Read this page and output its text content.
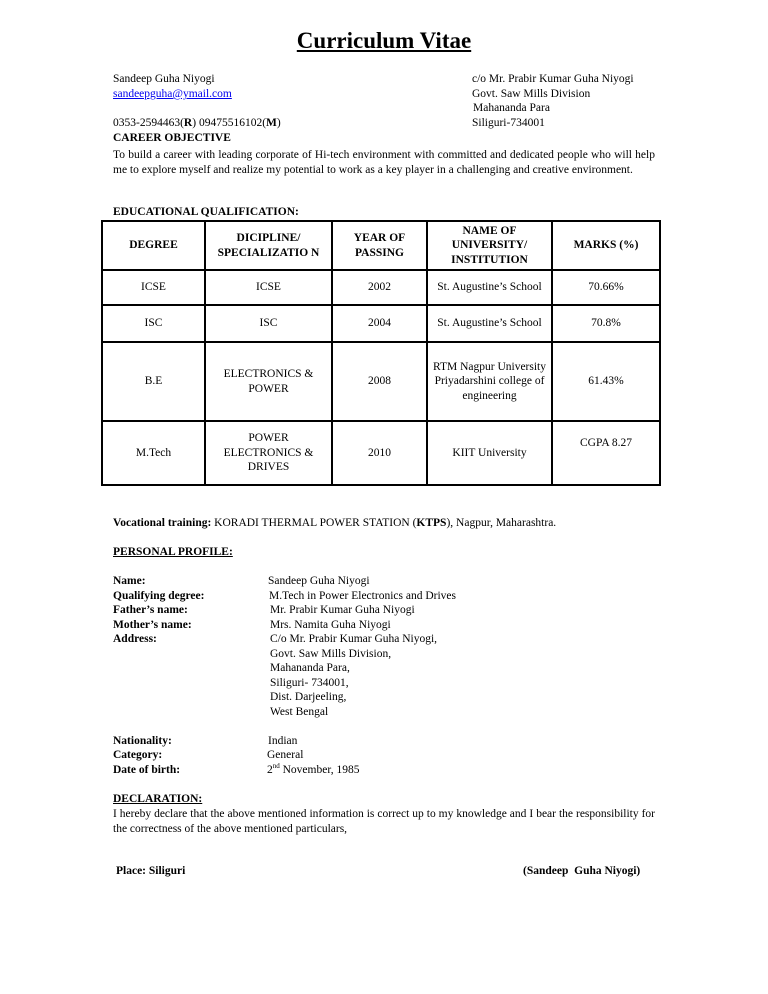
Curriculum Vitae
Sandeep Guha Niyogi
sandeepguha@ymail.com
0353-2594463(R) 09475516102(M)
c/o Mr. Prabir Kumar Guha Niyogi
Govt. Saw Mills Division
Mahananda Para
Siliguri-734001
CAREER OBJECTIVE
To build a career with leading corporate of Hi-tech environment with committed and dedicated people who will help me to explore myself and realize my potential to work as a key player in a challenging and creative environment.
EDUCATIONAL QUALIFICATION:
DEGREE	DICIPLINE/ SPECIALIZATIO N	YEAR OF PASSING	NAME OF UNIVERSITY/ INSTITUTION	MARKS (%)
ICSE	ICSE	2002	St. Augustine’s School	70.66%
ISC	ISC	2004	St. Augustine’s School	70.8%
B.E	ELECTRONICS & POWER	2008	RTM Nagpur University Priyadarshini college of engineering	61.43%
M.Tech	POWER ELECTRONICS & DRIVES	2010	KIIT University	CGPA 8.27
Vocational training: KORADI THERMAL POWER STATION (KTPS), Nagpur, Maharashtra.
PERSONAL PROFILE:
Name:	Sandeep Guha Niyogi
Qualifying degree:	M.Tech in Power Electronics and Drives
Father’s name:	Mr. Prabir Kumar Guha Niyogi
Mother’s name:	Mrs. Namita Guha Niyogi
Address:	C/o Mr. Prabir Kumar Guha Niyogi,
Govt. Saw Mills Division,
Mahananda Para,
Siliguri- 734001,
Dist. Darjeeling,
West Bengal
Nationality:	Indian
Category:	General
Date of birth:	2nd November, 1985
DECLARATION:
I hereby declare that the above mentioned information is correct up to my knowledge and I bear the responsibility for the correctness of the above mentioned particulars,
Place: Siliguri	(Sandeep  Guha Niyogi)
